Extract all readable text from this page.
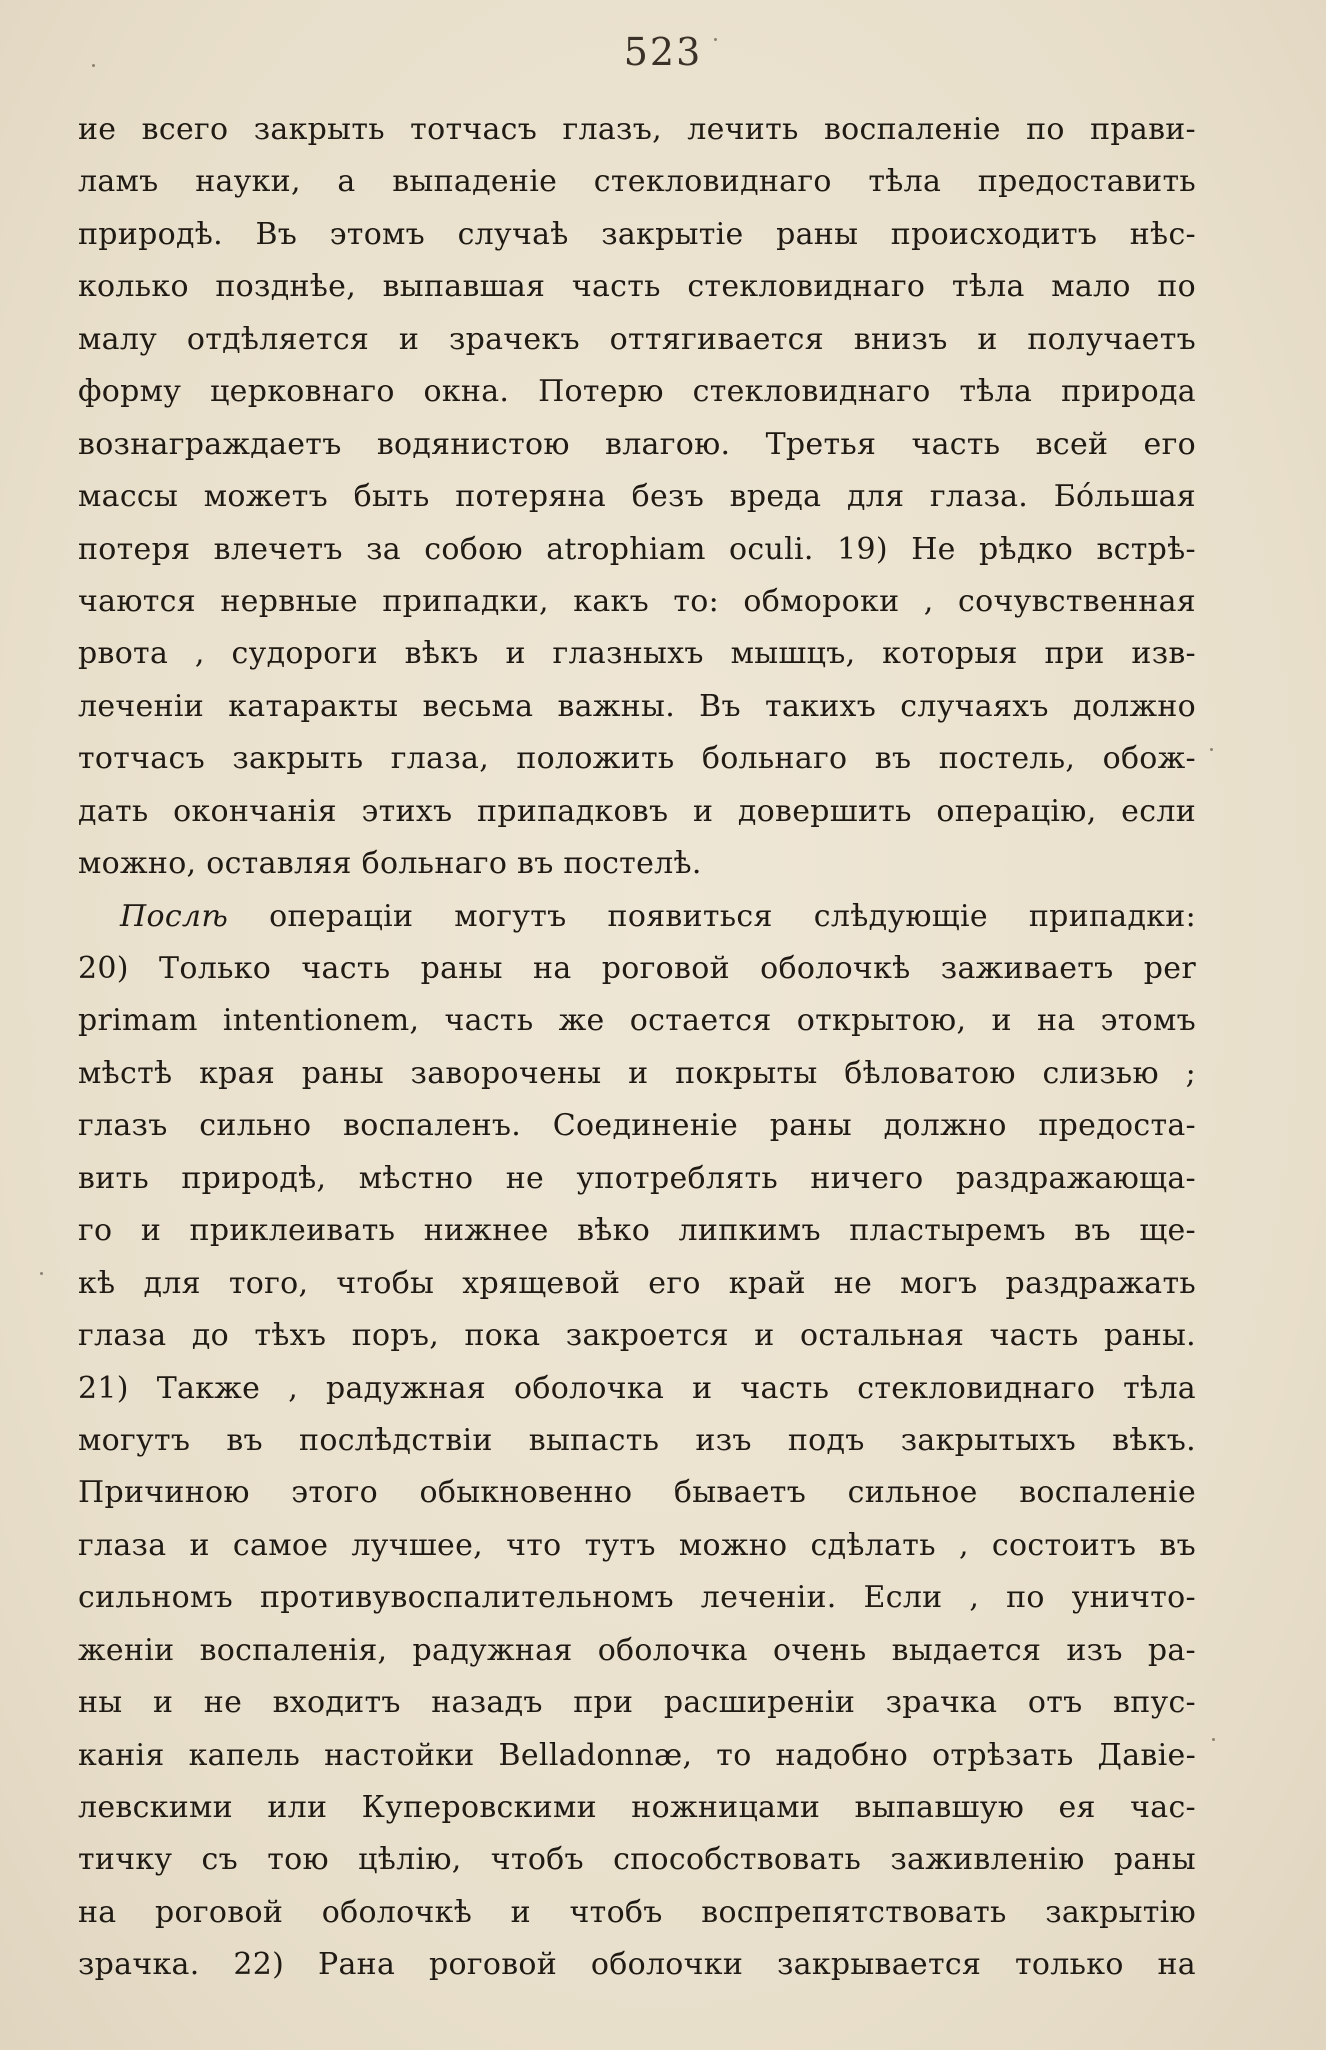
523
ие всего закрыть тотчасъ глазъ, лечить воспаленіе по прави-
ламъ науки, а выпаденіе стекловиднаго тѣла предоставить
природѣ. Въ этомъ случаѣ закрытіе раны происходитъ нѣс-
колько позднѣе, выпавшая часть стекловиднаго тѣла мало по
малу отдѣляется и зрачекъ оттягивается внизъ и получаетъ
форму церковнаго окна. Потерю стекловиднаго тѣла природа
вознаграждаетъ водянистою влагою. Третья часть всей его
массы можетъ быть потеряна безъ вреда для глаза. Бо́льшая
потеря влечетъ за собою atrophiam oculi. 19) Не рѣдко встрѣ-
чаются нервные припадки, какъ то: обмороки , сочувственная
рвота , судороги вѣкъ и глазныхъ мышцъ, которыя при изв-
леченіи катаракты весьма важны. Въ такихъ случаяхъ должно
тотчасъ закрыть глаза, положить больнаго въ постель, обож-
дать окончанія этихъ припадковъ и довершить операцію, если
можно, оставляя больнаго въ постелѣ.
Послѣ операціи могутъ появиться слѣдующіе припадки:
20) Только часть раны на роговой оболочкѣ заживаетъ per
primam intentionem, часть же остается открытою, и на этомъ
мѣстѣ края раны заворочены и покрыты бѣловатою слизью ;
глазъ сильно воспаленъ. Соединеніе раны должно предоста-
вить природѣ, мѣстно не употреблять ничего раздражающа-
го и приклеивать нижнее вѣко липкимъ пластыремъ въ ще-
кѣ для того, чтобы хрящевой его край не могъ раздражать
глаза до тѣхъ поръ, пока закроется и остальная часть раны.
21) Также , радужная оболочка и часть стекловиднаго тѣла
могутъ въ послѣдствіи выпасть изъ подъ закрытыхъ вѣкъ.
Причиною этого обыкновенно бываетъ сильное воспаленіе
глаза и самое лучшее, что тутъ можно сдѣлать , состоитъ въ
сильномъ противувоспалительномъ леченіи. Если , по уничто-
женіи воспаленія, радужная оболочка очень выдается изъ ра-
ны и не входитъ назадъ при расширеніи зрачка отъ впус-
канія капель настойки Belladonnæ, то надобно отрѣзать Давіе-
левскими или Куперовскими ножницами выпавшую ея час-
тичку съ тою цѣлію, чтобъ способствовать заживленію раны
на роговой оболочкѣ и чтобъ воспрепятствовать закрытію
зрачка. 22) Рана роговой оболочки закрывается только на
